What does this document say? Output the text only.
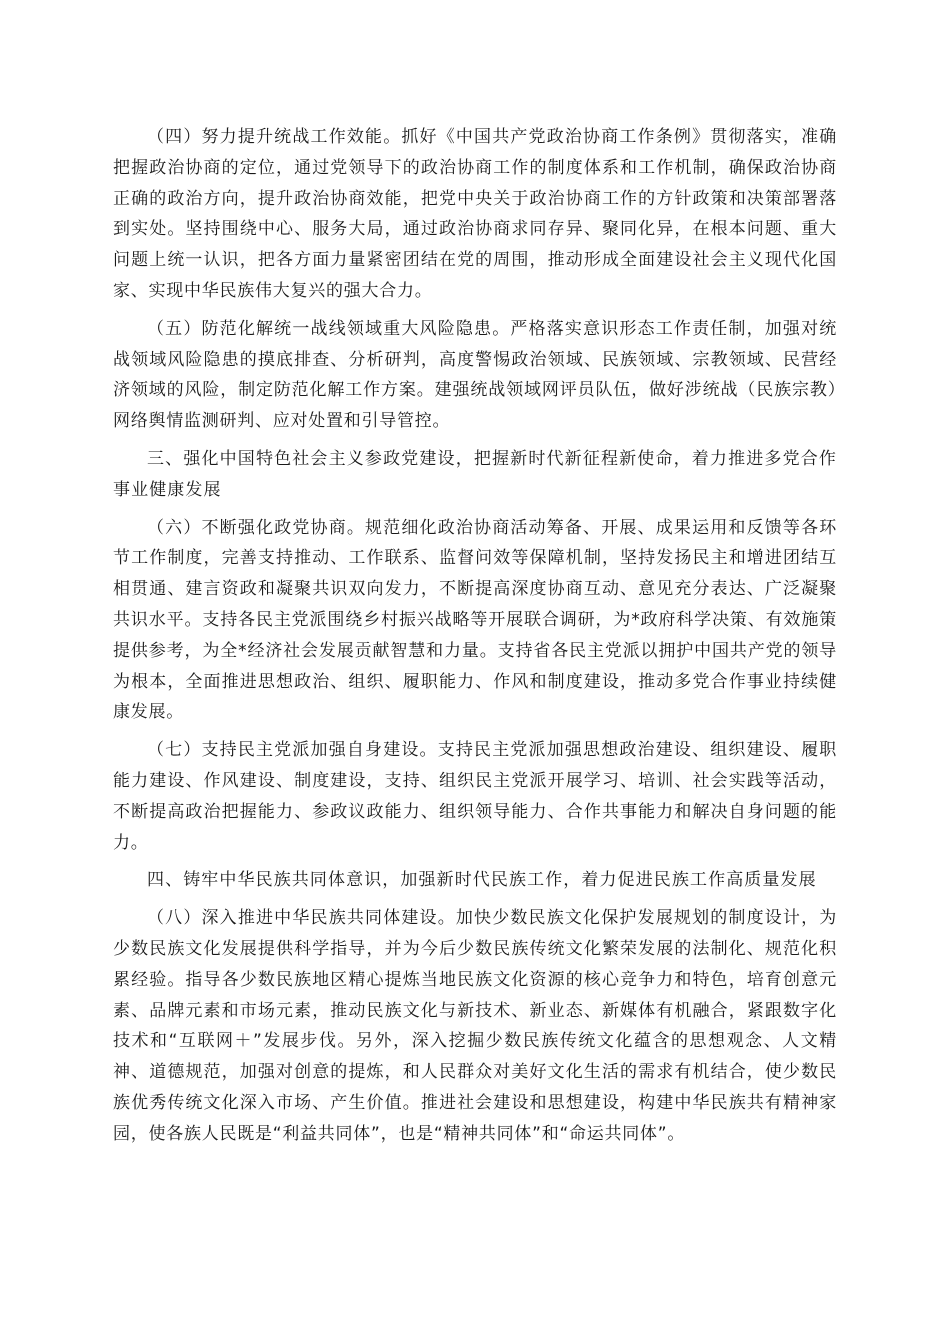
（四）努力提升统战工作效能。抓好《中国共产党政治协商工作条例》贯彻落实，准确把握政治协商的定位，通过党领导下的政治协商工作的制度体系和工作机制，确保政治协商正确的政治方向，提升政治协商效能，把党中央关于政治协商工作的方针政策和决策部署落到实处。坚持围绕中心、服务大局，通过政治协商求同存异、聚同化异，在根本问题、重大问题上统一认识，把各方面力量紧密团结在党的周围，推动形成全面建设社会主义现代化国家、实现中华民族伟大复兴的强大合力。

（五）防范化解统一战线领域重大风险隐患。严格落实意识形态工作责任制，加强对统战领域风险隐患的摸底排查、分析研判，高度警惕政治领域、民族领域、宗教领域、民营经济领域的风险，制定防范化解工作方案。建强统战领域网评员队伍，做好涉统战（民族宗教）网络舆情监测研判、应对处置和引导管控。

三、强化中国特色社会主义参政党建设，把握新时代新征程新使命，着力推进多党合作事业健康发展

（六）不断强化政党协商。规范细化政治协商活动筹备、开展、成果运用和反馈等各环节工作制度，完善支持推动、工作联系、监督问效等保障机制，坚持发扬民主和增进团结互相贯通、建言资政和凝聚共识双向发力，不断提高深度协商互动、意见充分表达、广泛凝聚共识水平。支持各民主党派围绕乡村振兴战略等开展联合调研，为*政府科学决策、有效施策提供参考，为全*经济社会发展贡献智慧和力量。支持省各民主党派以拥护中国共产党的领导为根本，全面推进思想政治、组织、履职能力、作风和制度建设，推动多党合作事业持续健康发展。

（七）支持民主党派加强自身建设。支持民主党派加强思想政治建设、组织建设、履职能力建设、作风建设、制度建设，支持、组织民主党派开展学习、培训、社会实践等活动，不断提高政治把握能力、参政议政能力、组织领导能力、合作共事能力和解决自身问题的能力。

四、铸牢中华民族共同体意识，加强新时代民族工作，着力促进民族工作高质量发展

（八）深入推进中华民族共同体建设。加快少数民族文化保护发展规划的制度设计，为少数民族文化发展提供科学指导，并为今后少数民族传统文化繁荣发展的法制化、规范化积累经验。指导各少数民族地区精心提炼当地民族文化资源的核心竞争力和特色，培育创意元素、品牌元素和市场元素，推动民族文化与新技术、新业态、新媒体有机融合，紧跟数字化技术和“互联网＋”发展步伐。另外，深入挖掘少数民族传统文化蕴含的思想观念、人文精神、道德规范，加强对创意的提炼，和人民群众对美好文化生活的需求有机结合，使少数民族优秀传统文化深入市场、产生价值。推进社会建设和思想建设，构建中华民族共有精神家园，使各族人民既是“利益共同体”，也是“精神共同体”和“命运共同体”。
